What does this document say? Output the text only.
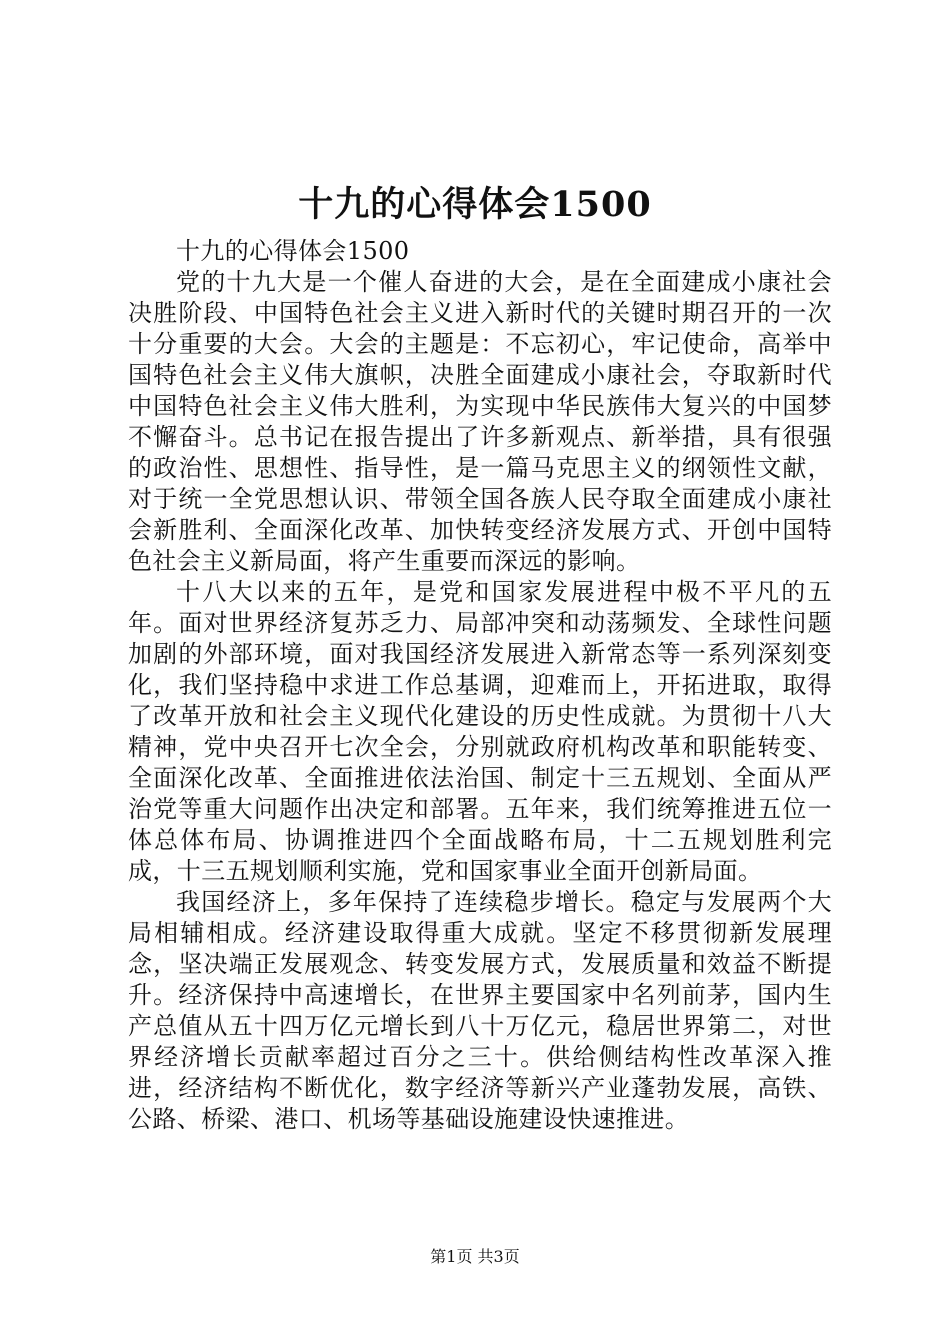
十九的心得体会1500

十九的心得体会1500

党的十九大是一个催人奋进的大会，是在全面建成小康社会决胜阶段、中国特色社会主义进入新时代的关键时期召开的一次十分重要的大会。大会的主题是：不忘初心，牢记使命，高举中国特色社会主义伟大旗帜，决胜全面建成小康社会，夺取新时代中国特色社会主义伟大胜利，为实现中华民族伟大复兴的中国梦不懈奋斗。总书记在报告提出了许多新观点、新举措，具有很强的政治性、思想性、指导性，是一篇马克思主义的纲领性文献，对于统一全党思想认识、带领全国各族人民夺取全面建成小康社会新胜利、全面深化改革、加快转变经济发展方式、开创中国特色社会主义新局面，将产生重要而深远的影响。

十八大以来的五年，是党和国家发展进程中极不平凡的五年。面对世界经济复苏乏力、局部冲突和动荡频发、全球性问题加剧的外部环境，面对我国经济发展进入新常态等一系列深刻变化，我们坚持稳中求进工作总基调，迎难而上，开拓进取，取得了改革开放和社会主义现代化建设的历史性成就。为贯彻十八大精神，党中央召开七次全会，分别就政府机构改革和职能转变、全面深化改革、全面推进依法治国、制定十三五规划、全面从严治党等重大问题作出决定和部署。五年来，我们统筹推进五位一体总体布局、协调推进四个全面战略布局，十二五规划胜利完成，十三五规划顺利实施，党和国家事业全面开创新局面。

我国经济上，多年保持了连续稳步增长。稳定与发展两个大局相辅相成。经济建设取得重大成就。坚定不移贯彻新发展理念，坚决端正发展观念、转变发展方式，发展质量和效益不断提升。经济保持中高速增长，在世界主要国家中名列前茅，国内生产总值从五十四万亿元增长到八十万亿元，稳居世界第二，对世界经济增长贡献率超过百分之三十。供给侧结构性改革深入推进，经济结构不断优化，数字经济等新兴产业蓬勃发展，高铁、公路、桥梁、港口、机场等基础设施建设快速推进。

第1页 共3页
